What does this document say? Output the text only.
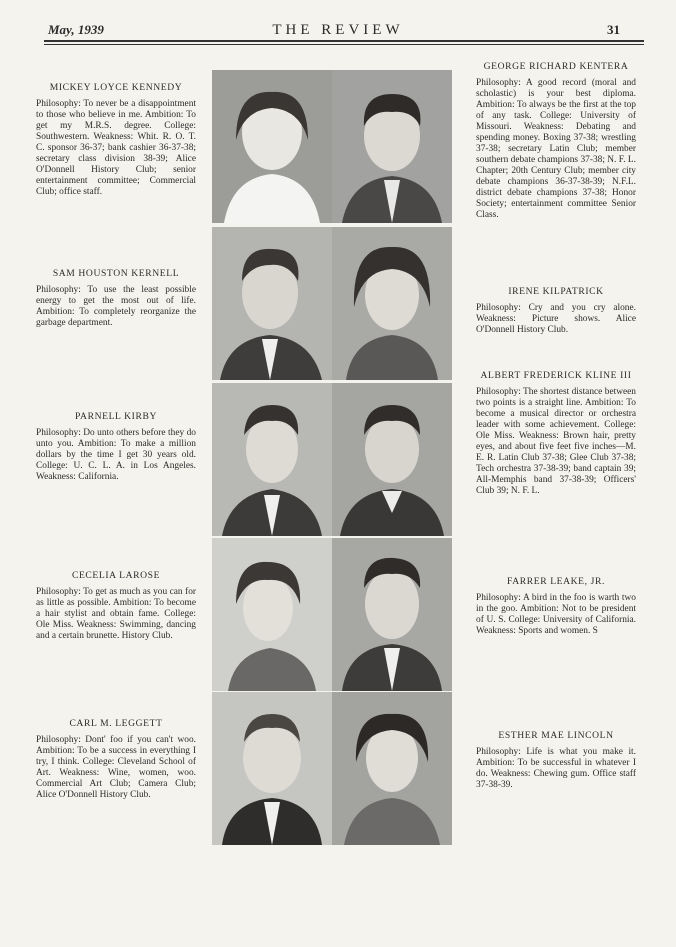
May, 1939	THE REVIEW	31
MICKEY LOYCE KENNEDY
Philosophy: To never be a disappointment to those who believe in me. Ambition: To get my M.R.S. degree. College: Southwestern. Weakness: Whit. R. O. T. C. sponsor 36-37; bank cashier 36-37-38; secretary class division 38-39; Alice O'Donnell History Club; senior entertainment committee; Commercial Club; office staff.
SAM HOUSTON KERNELL
Philosophy: To use the least possible energy to get the most out of life. Ambition: To completely reorganize the garbage department.
PARNELL KIRBY
Philosophy: Do unto others before they do unto you. Ambition: To make a million dollars by the time I get 30 years old. College: U. C. L. A. in Los Angeles. Weakness: California.
CECELIA LAROSE
Philosophy: To get as much as you can for as little as possible. Ambition: To become a hair stylist and obtain fame. College: Ole Miss. Weakness: Swimming, dancing and a certain brunette. History Club.
CARL M. LEGGETT
Philosophy: Dont' foo if you can't woo. Ambition: To be a success in everything I try, I think. College: Cleveland School of Art. Weakness: Wine, women, woo. Commercial Art Club; Camera Club; Alice O'Donnell History Club.
GEORGE RICHARD KENTERA
Philosophy: A good record (moral and scholastic) is your best diploma. Ambition: To always be the first at the top of any task. College: University of Missouri. Weakness: Debating and spending money. Boxing 37-38; wrestling 37-38; secretary Latin Club; member southern debate champions 37-38; N. F. L. Chapter; 20th Century Club; member city debate champions 36-37-38-39; N.F.L. district debate champions 37-38; Honor Society; entertainment committee Senior Class.
IRENE KILPATRICK
Philosophy: Cry and you cry alone. Weakness: Picture shows. Alice O'Donnell History Club.
ALBERT FREDERICK KLINE III
Philosophy: The shortest distance between two points is a straight line. Ambition: To become a musical director or orchestra leader with some achievement. College: Ole Miss. Weakness: Brown hair, pretty eyes, and about five feet five inches—M. E. R. Latin Club 37-38; Glee Club 37-38; Tech orchestra 37-38-39; band captain 39; All-Memphis band 37-38-39; Officers' Club 39; N. F. L.
FARRER LEAKE, JR.
Philosophy: A bird in the foo is warth two in the goo. Ambition: Not to be president of U. S. College: University of California. Weakness: Sports and women. S
ESTHER MAE LINCOLN
Philosophy: Life is what you make it. Ambition: To be successful in whatever I do. Weakness: Chewing gum. Office staff 37-38-39.
